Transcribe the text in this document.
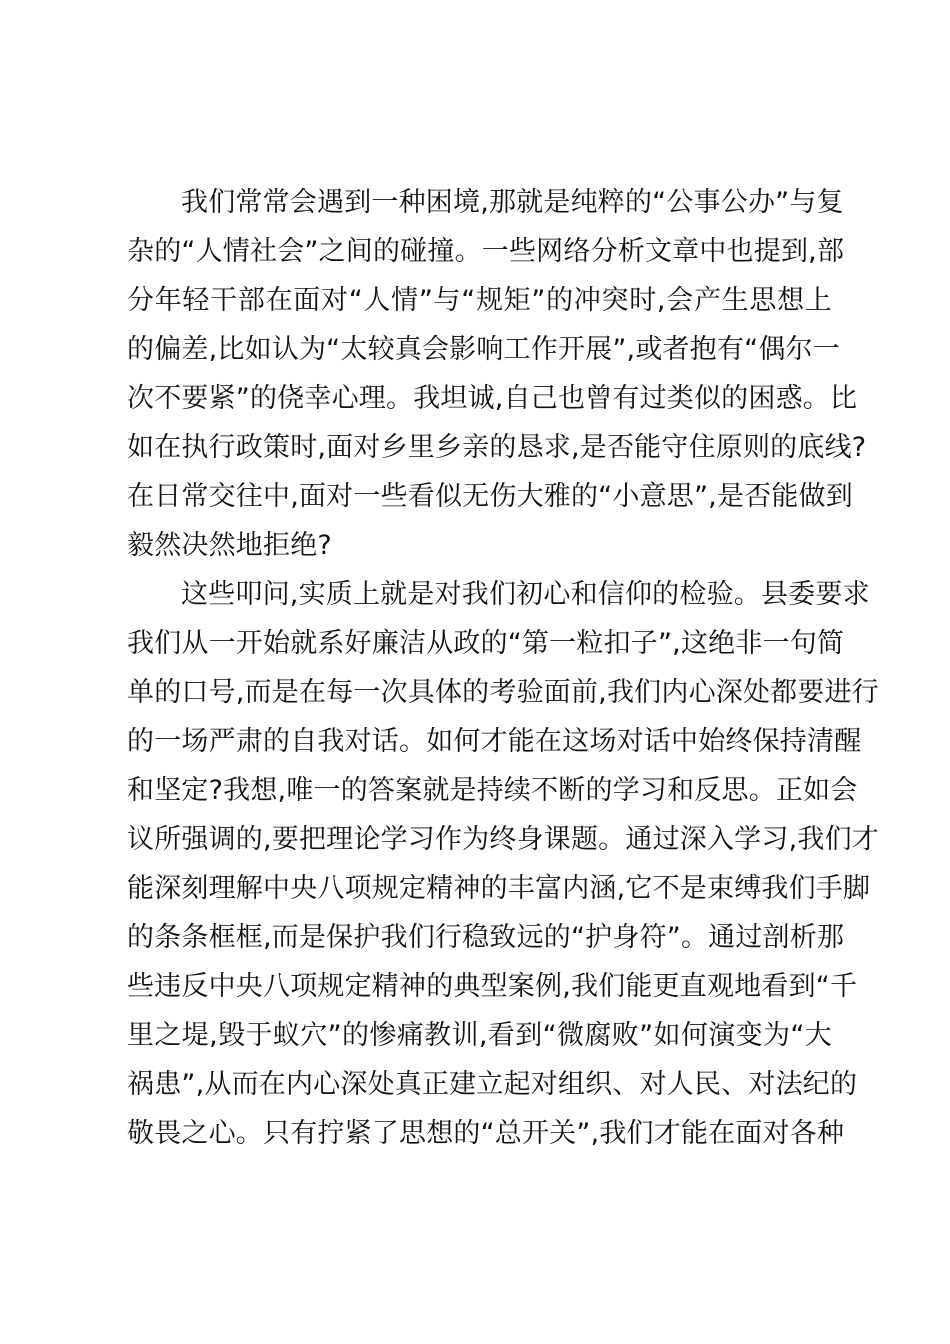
我们常常会遇到一种困境,那就是纯粹的“公事公办”与复
杂的“人情社会”之间的碰撞。一些网络分析文章中也提到,部
分年轻干部在面对“人情”与“规矩”的冲突时,会产生思想上
的偏差,比如认为“太较真会影响工作开展”,或者抱有“偶尔一
次不要紧”的侥幸心理。我坦诚,自己也曾有过类似的困惑。比
如在执行政策时,面对乡里乡亲的恳求,是否能守住原则的底线?
在日常交往中,面对一些看似无伤大雅的“小意思”,是否能做到
毅然决然地拒绝?

这些叩问,实质上就是对我们初心和信仰的检验。县委要求
我们从一开始就系好廉洁从政的“第一粒扣子”,这绝非一句简
单的口号,而是在每一次具体的考验面前,我们内心深处都要进行
的一场严肃的自我对话。如何才能在这场对话中始终保持清醒
和坚定?我想,唯一的答案就是持续不断的学习和反思。正如会
议所强调的,要把理论学习作为终身课题。通过深入学习,我们才
能深刻理解中央八项规定精神的丰富内涵,它不是束缚我们手脚
的条条框框,而是保护我们行稳致远的“护身符”。通过剖析那
些违反中央八项规定精神的典型案例,我们能更直观地看到“千
里之堤,毁于蚁穴”的惨痛教训,看到“微腐败”如何演变为“大
祸患”,从而在内心深处真正建立起对组织、对人民、对法纪的
敬畏之心。只有拧紧了思想的“总开关”,我们才能在面对各种
